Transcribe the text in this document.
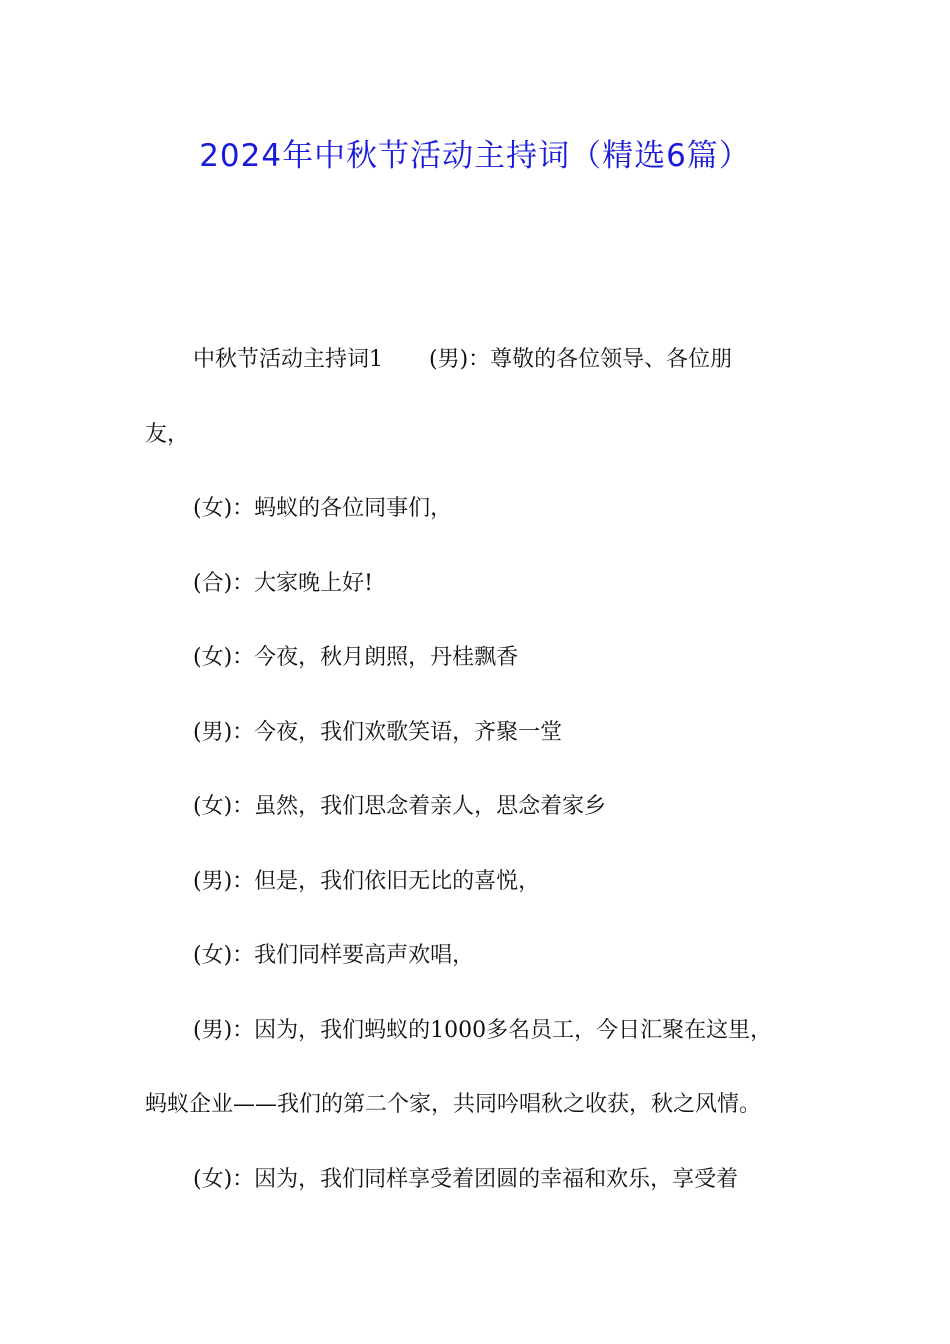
2024年中秋节活动主持词（精选6篇）
中秋节活动主持词1 (男)：尊敬的各位领导、各位朋
友，
(女)：蚂蚁的各位同事们，
(合)：大家晚上好!
(女)：今夜，秋月朗照，丹桂飘香
(男)：今夜，我们欢歌笑语，齐聚一堂
(女)：虽然，我们思念着亲人，思念着家乡
(男)：但是，我们依旧无比的喜悦，
(女)：我们同样要高声欢唱，
(男)：因为，我们蚂蚁的1000多名员工，今日汇聚在这里，
蚂蚁企业——我们的第二个家，共同吟唱秋之收获，秋之风情。
(女)：因为，我们同样享受着团圆的幸福和欢乐，享受着
